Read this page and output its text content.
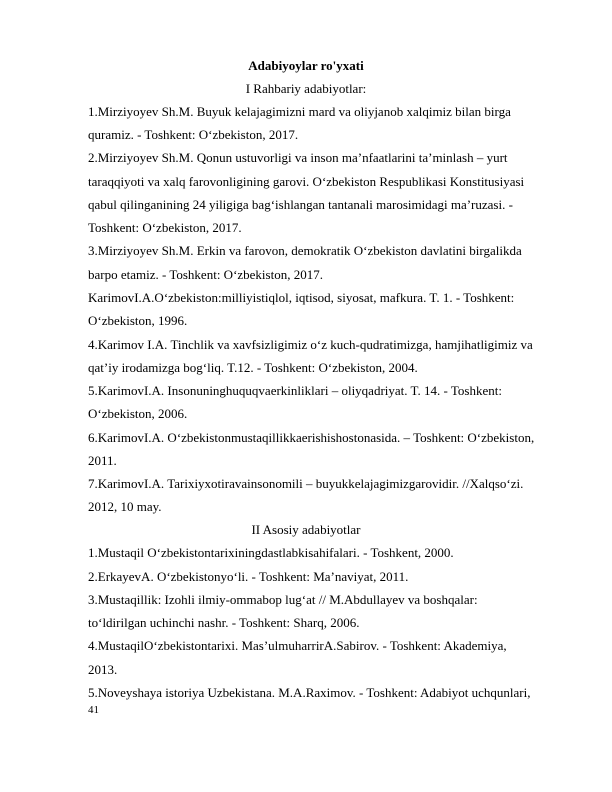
Adabiyoylar ro'yxati
I Rahbariy adabiyotlar:
1.Mirziyoyev Sh.M. Buyuk kelajagimizni mard va oliyjanob xalqimiz bilan birga
quramiz. - Toshkent: O‘zbekiston, 2017.
2.Mirziyoyev Sh.M. Qonun ustuvorligi va inson ma’nfaatlarini ta’minlash – yurt
taraqqiyoti va xalq farovonligining garovi. O‘zbekiston Respublikasi Konstitusiyasi
qabul qilinganining 24 yiligiga bag‘ishlangan tantanali marosimidagi ma’ruzasi. -
Toshkent: O‘zbekiston, 2017.
3.Mirziyoyev Sh.M. Erkin va farovon, demokratik O‘zbekiston davlatini birgalikda
barpo etamiz. - Toshkent: O‘zbekiston, 2017.
KarimovI.A.O‘zbekiston:milliyistiqlol, iqtisod, siyosat, mafkura. T. 1. - Toshkent:
O‘zbekiston, 1996.
4.Karimov I.A. Tinchlik va xavfsizligimiz o‘z kuch-qudratimizga, hamjihatligimiz va
qat’iy irodamizga bog‘liq. T.12. - Toshkent: O‘zbekiston, 2004.
5.KarimovI.A. Insonuninghuquqvaerkinliklari – oliyqadriyat. T. 14. - Toshkent:
O‘zbekiston, 2006.
6.KarimovI.A. O‘zbekistonmustaqillikkaerishishostonasida. – Toshkent: O‘zbekiston,
2011.
7.KarimovI.A. Tarixiyxotiravainsonomili – buyukkelajagimizgarovidir. //Xalqso‘zi.
2012, 10 may.
II Asosiy adabiyotlar
1.Mustaqil O‘zbekistontarixiningdastlabkisahifalari. - Toshkent, 2000.
2.ErkayevA. O‘zbekistonyo‘li. - Toshkent: Ma’naviyat, 2011.
3.Mustaqillik: Izohli ilmiy-ommabop lug‘at // M.Abdullayev va boshqalar:
to‘ldirilgan uchinchi nashr. - Toshkent: Sharq, 2006.
4.MustaqilO‘zbekistontarixi. Mas’ulmuharrirA.Sabirov. - Toshkent: Akademiya,
2013.
5.Noveyshaya istoriya Uzbekistana. M.A.Raximov. - Toshkent: Adabiyot uchqunlari,
41
